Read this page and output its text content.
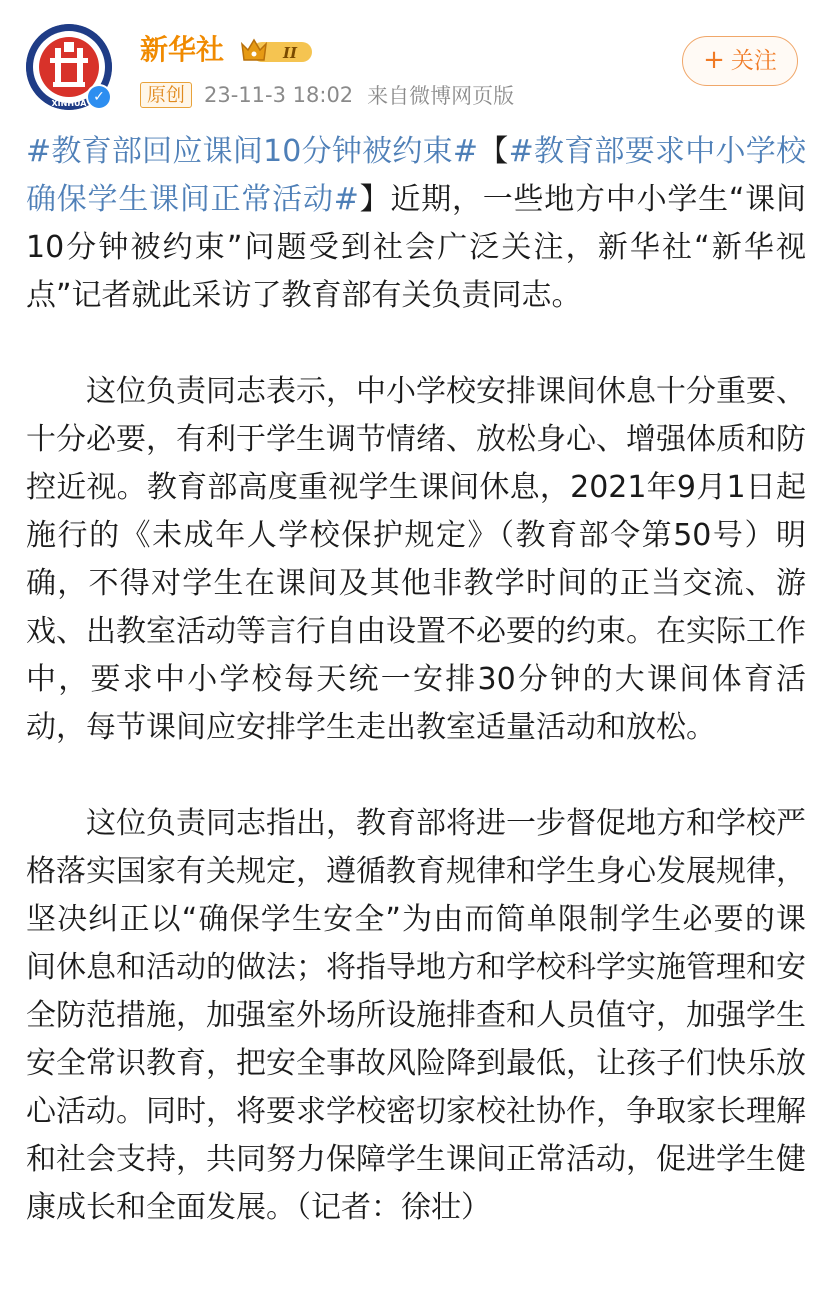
XINHUA ✓
新华社	II
原创 23-11-3 18:02 来自微博网页版
+ 关注

#教育部回应课间10分钟被约束#【#教育部要求中小学校确保学生课间正常活动#】近期，一些地方中小学生“课间10分钟被约束”问题受到社会广泛关注，新华社“新华视点”记者就此采访了教育部有关负责同志。

这位负责同志表示，中小学校安排课间休息十分重要、十分必要，有利于学生调节情绪、放松身心、增强体质和防控近视。教育部高度重视学生课间休息，2021年9月1日起施行的《未成年人学校保护规定》（教育部令第50号）明确，不得对学生在课间及其他非教学时间的正当交流、游戏、出教室活动等言行自由设置不必要的约束。在实际工作中，要求中小学校每天统一安排30分钟的大课间体育活动，每节课间应安排学生走出教室适量活动和放松。

这位负责同志指出，教育部将进一步督促地方和学校严格落实国家有关规定，遵循教育规律和学生身心发展规律，坚决纠正以“确保学生安全”为由而简单限制学生必要的课间休息和活动的做法；将指导地方和学校科学实施管理和安全防范措施，加强室外场所设施排查和人员值守，加强学生安全常识教育，把安全事故风险降到最低，让孩子们快乐放心活动。同时，将要求学校密切家校社协作，争取家长理解和社会支持，共同努力保障学生课间正常活动，促进学生健康成长和全面发展。（记者：徐壮）
